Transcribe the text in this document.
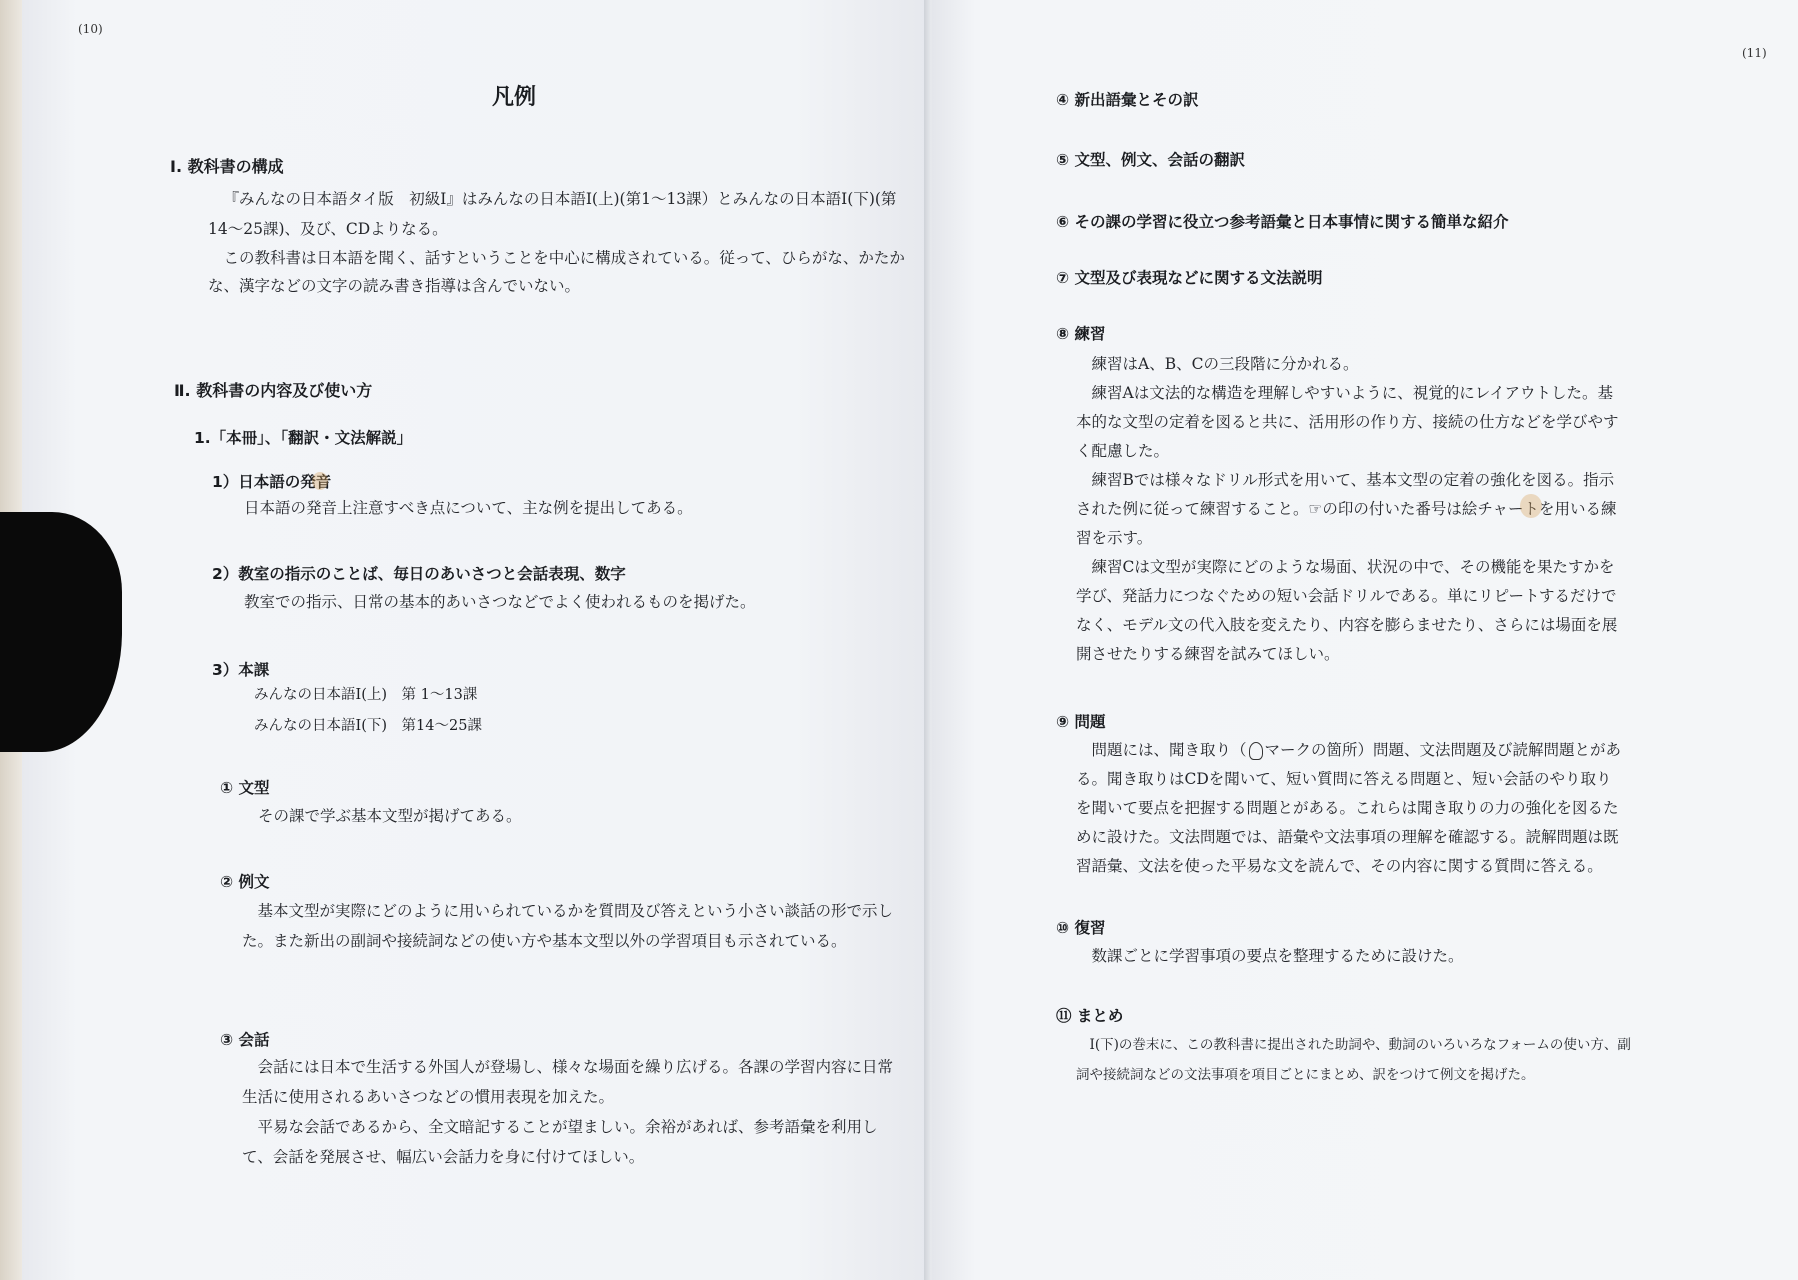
(10)
凡例
Ⅰ. 教科書の構成

『みんなの日本語タイ版　初級Ⅰ』はみんなの日本語Ⅰ(上)(第1～13課）とみんなの日本語Ⅰ(下)(第14～25課)、及び、CDよりなる。

この教科書は日本語を聞く、話すということを中心に構成されている。従って、ひらがな、かたかな、漢字などの文字の読み書き指導は含んでいない。

Ⅱ. 教科書の内容及び使い方
1.「本冊」、「翻訳・文法解説」
1）日本語の発音
日本語の発音上注意すべき点について、主な例を提出してある。
2）教室の指示のことば、毎日のあいさつと会話表現、数字
教室での指示、日常の基本的あいさつなどでよく使われるものを掲げた。
3）本課
みんなの日本語Ⅰ(上)　第 1～13課
みんなの日本語Ⅰ(下)　第14～25課
① 文型
その課で学ぶ基本文型が掲げてある。
② 例文

基本文型が実際にどのように用いられているかを質問及び答えという小さい談話の形で示した。また新出の副詞や接続詞などの使い方や基本文型以外の学習項目も示されている。

③ 会話

会話には日本で生活する外国人が登場し、様々な場面を繰り広げる。各課の学習内容に日常生活に使用されるあいさつなどの慣用表現を加えた。

平易な会話であるから、全文暗記することが望ましい。余裕があれば、参考語彙を利用して、会話を発展させ、幅広い会話力を身に付けてほしい。

(11)
④ 新出語彙とその訳
⑤ 文型、例文、会話の翻訳
⑥ その課の学習に役立つ参考語彙と日本事情に関する簡単な紹介
⑦ 文型及び表現などに関する文法説明
⑧ 練習

練習はA、B、Cの三段階に分かれる。

練習Aは文法的な構造を理解しやすいように、視覚的にレイアウトした。基本的な文型の定着を図ると共に、活用形の作り方、接続の仕方などを学びやすく配慮した。

練習Bでは様々なドリル形式を用いて、基本文型の定着の強化を図る。指示された例に従って練習すること。☞の印の付いた番号は絵チャートを用いる練習を示す。

練習Cは文型が実際にどのような場面、状況の中で、その機能を果たすかを学び、発話力につなぐための短い会話ドリルである。単にリピートするだけでなく、モデル文の代入肢を変えたり、内容を膨らませたり、さらには場面を展開させたりする練習を試みてほしい。

⑨ 問題

問題には、聞き取り（ マークの箇所）問題、文法問題及び読解問題とがある。聞き取りはCDを聞いて、短い質問に答える問題と、短い会話のやり取りを聞いて要点を把握する問題とがある。これらは聞き取りの力の強化を図るために設けた。文法問題では、語彙や文法事項の理解を確認する。読解問題は既習語彙、文法を使った平易な文を読んで、その内容に関する質問に答える。

⑩ 復習

数課ごとに学習事項の要点を整理するために設けた。

⑪ まとめ

Ⅰ(下)の巻末に、この教科書に提出された助詞や、動詞のいろいろなフォームの使い方、副詞や接続詞などの文法事項を項目ごとにまとめ、訳をつけて例文を掲げた。
